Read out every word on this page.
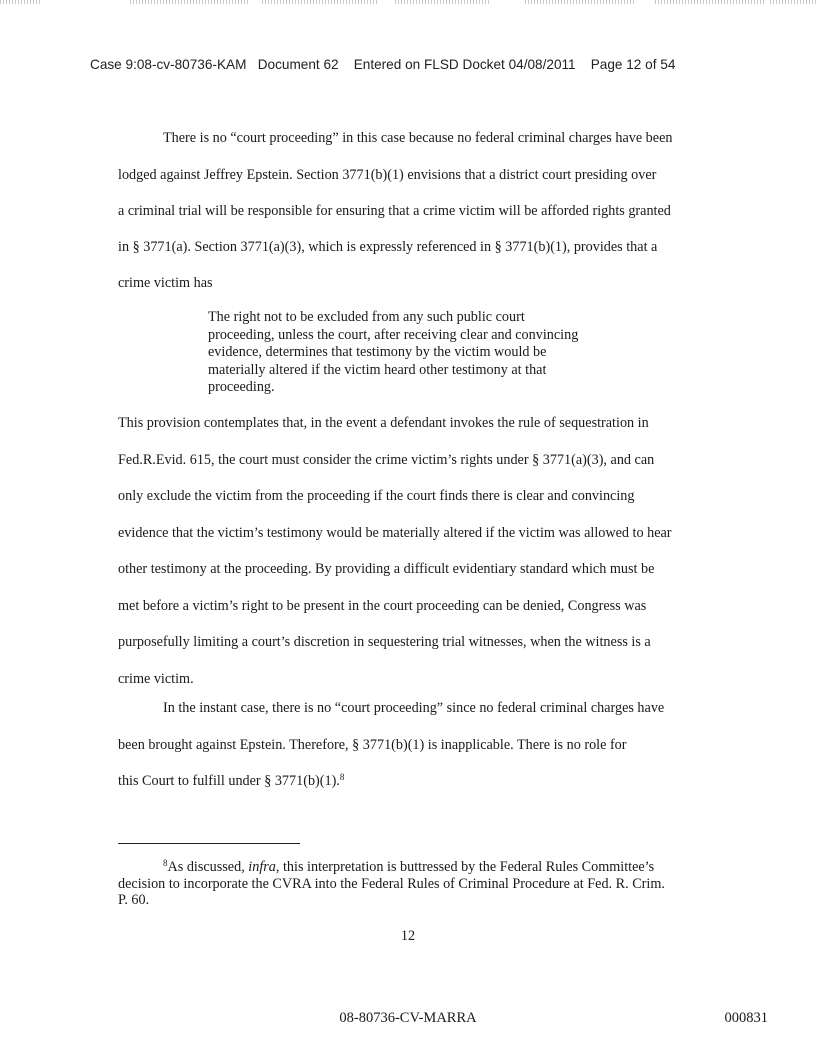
Case 9:08-cv-80736-KAM   Document 62    Entered on FLSD Docket 04/08/2011    Page 12 of 54
There is no “court proceeding” in this case because no federal criminal charges have been
lodged against Jeffrey Epstein. Section 3771(b)(1) envisions that a district court presiding over
a criminal trial will be responsible for ensuring that a crime victim will be afforded rights granted
in § 3771(a). Section 3771(a)(3), which is expressly referenced in § 3771(b)(1), provides that a
crime victim has
The right not to be excluded from any such public court
proceeding, unless the court, after receiving clear and convincing
evidence, determines that testimony by the victim would be
materially altered if the victim heard other testimony at that
proceeding.
This provision contemplates that, in the event a defendant invokes the rule of sequestration in
Fed.R.Evid. 615, the court must consider the crime victim’s rights under § 3771(a)(3), and can
only exclude the victim from the proceeding if the court finds there is clear and convincing
evidence that the victim’s testimony would be materially altered if the victim was allowed to hear
other testimony at the proceeding. By providing a difficult evidentiary standard which must be
met before a victim’s right to be present in the court proceeding can be denied, Congress was
purposefully limiting a court’s discretion in sequestering trial witnesses, when the witness is a
crime victim.
In the instant case, there is no “court proceeding” since no federal criminal charges have
been brought against Epstein. Therefore, § 3771(b)(1) is inapplicable. There is no role for
this Court to fulfill under § 3771(b)(1).$^8$
$^8$As discussed, infra, this interpretation is buttressed by the Federal Rules Committee’s
decision to incorporate the CVRA into the Federal Rules of Criminal Procedure at Fed. R. Crim.
P. 60.
12
08-80736-CV-MARRA	000831
